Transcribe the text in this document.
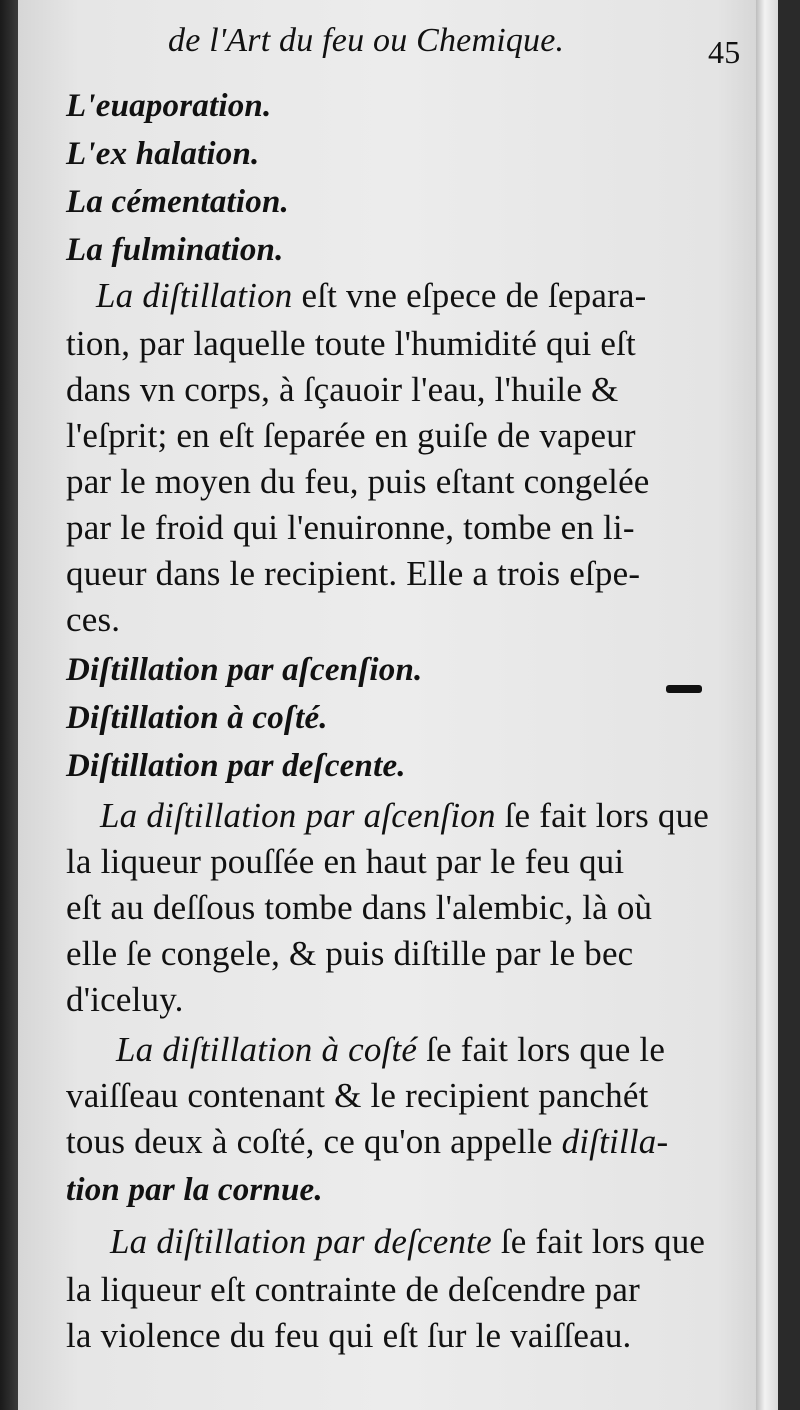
de l'Art du feu ou Chemique.	45
L'euaporation.
L'ex halation.
La cémentation.
La fulmination.
La diſtillation eſt vne eſpece de ſepara-
tion, par laquelle toute l'humidité qui eſt
dans vn corps, à ſçauoir l'eau, l'huile &
l'eſprit; en eſt ſeparée en guiſe de vapeur
par le moyen du feu, puis eſtant congelée
par le froid qui l'enuironne, tombe en li-
queur dans le recipient. Elle a trois eſpe-
ces.
Diſtillation par aſcenſion.
Diſtillation à coſté.
Diſtillation par deſcente.
La diſtillation par aſcenſion ſe fait lors que
la liqueur pouſſée en haut par le feu qui
eſt au deſſous tombe dans l'alembic, là où
elle ſe congele, & puis diſtille par le bec
d'iceluy.
La diſtillation à coſté ſe fait lors que le
vaiſſeau contenant & le recipient panchét
tous deux à coſté, ce qu'on appelle diſtilla-
tion par la cornue.
La diſtillation par deſcente ſe fait lors que
la liqueur eſt contrainte de deſcendre par
la violence du feu qui eſt ſur le vaiſſeau.
